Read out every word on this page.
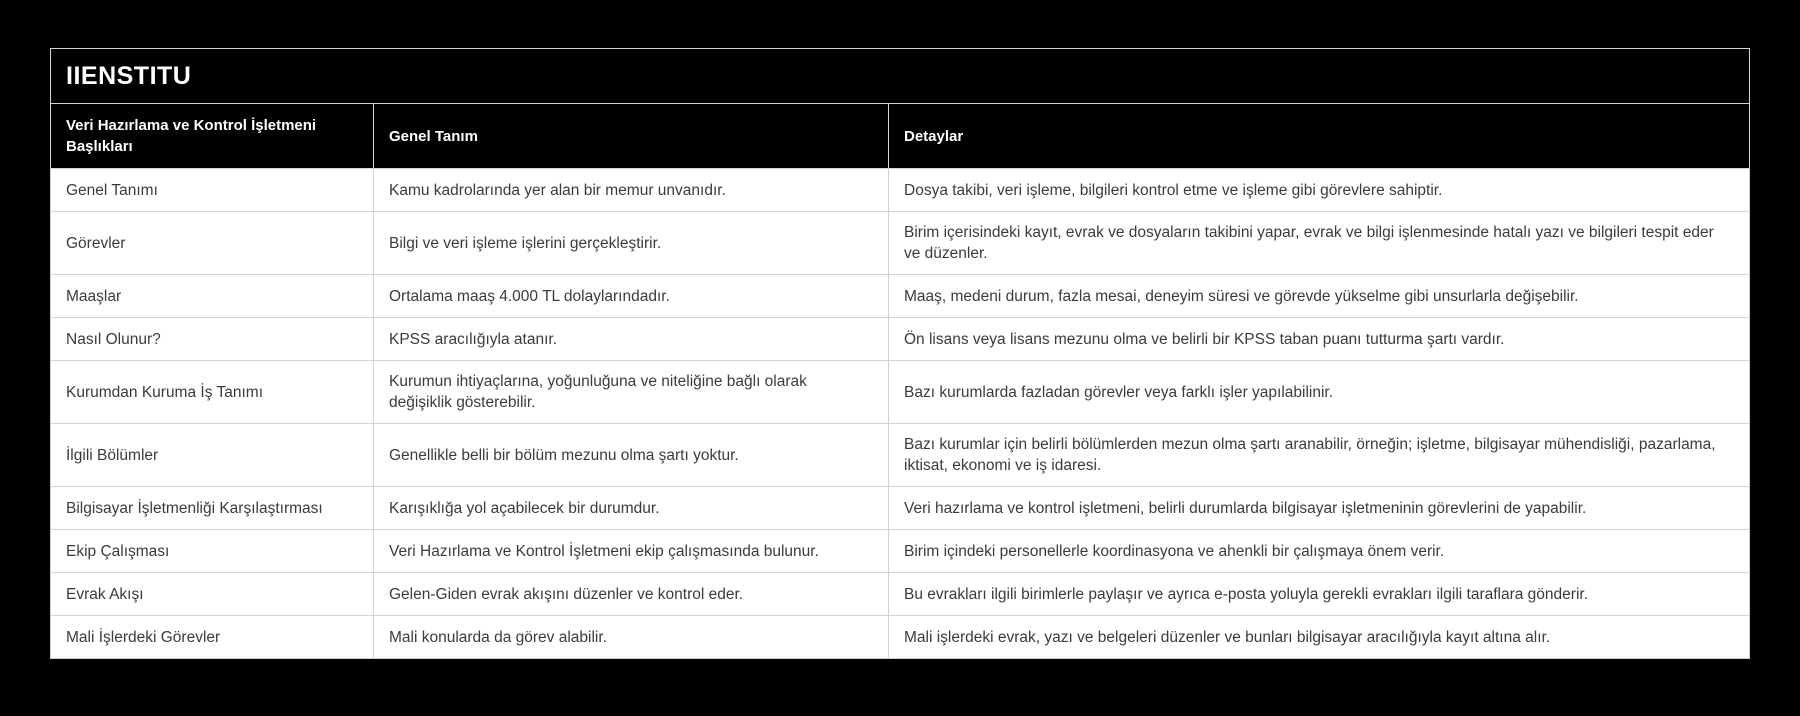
IIENSTITU		
Veri Hazırlama ve Kontrol İşletmeni Başlıkları	Genel Tanım	Detaylar
Genel Tanımı	Kamu kadrolarında yer alan bir memur unvanıdır.	Dosya takibi, veri işleme, bilgileri kontrol etme ve işleme gibi görevlere sahiptir.
Görevler	Bilgi ve veri işleme işlerini gerçekleştirir.	Birim içerisindeki kayıt, evrak ve dosyaların takibini yapar, evrak ve bilgi işlenmesinde hatalı yazı ve bilgileri tespit eder ve düzenler.
Maaşlar	Ortalama maaş 4.000 TL dolaylarındadır.	Maaş, medeni durum, fazla mesai, deneyim süresi ve görevde yükselme gibi unsurlarla değişebilir.
Nasıl Olunur?	KPSS aracılığıyla atanır.	Ön lisans veya lisans mezunu olma ve belirli bir KPSS taban puanı tutturma şartı vardır.
Kurumdan Kuruma İş Tanımı	Kurumun ihtiyaçlarına, yoğunluğuna ve niteliğine bağlı olarak değişiklik gösterebilir.	Bazı kurumlarda fazladan görevler veya farklı işler yapılabilinir.
İlgili Bölümler	Genellikle belli bir bölüm mezunu olma şartı yoktur.	Bazı kurumlar için belirli bölümlerden mezun olma şartı aranabilir, örneğin; işletme, bilgisayar mühendisliği, pazarlama, iktisat, ekonomi ve iş idaresi.
Bilgisayar İşletmenliği Karşılaştırması	Karışıklığa yol açabilecek bir durumdur.	Veri hazırlama ve kontrol işletmeni, belirli durumlarda bilgisayar işletmeninin görevlerini de yapabilir.
Ekip Çalışması	Veri Hazırlama ve Kontrol İşletmeni ekip çalışmasında bulunur.	Birim içindeki personellerle koordinasyona ve ahenkli bir çalışmaya önem verir.
Evrak Akışı	Gelen-Giden evrak akışını düzenler ve kontrol eder.	Bu evrakları ilgili birimlerle paylaşır ve ayrıca e-posta yoluyla gerekli evrakları ilgili taraflara gönderir.
Mali İşlerdeki Görevler	Mali konularda da görev alabilir.	Mali işlerdeki evrak, yazı ve belgeleri düzenler ve bunları bilgisayar aracılığıyla kayıt altına alır.
